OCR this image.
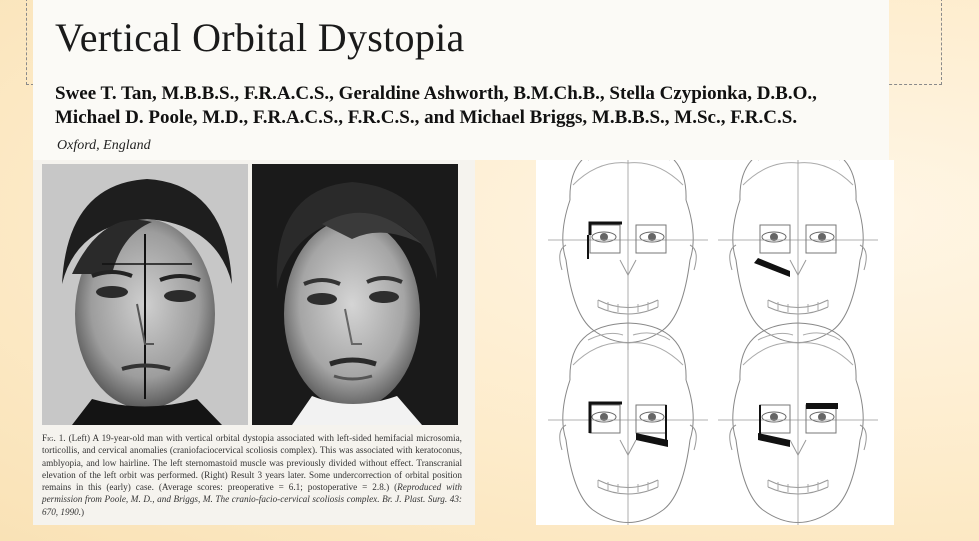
Vertical Orbital Dystopia
Swee T. Tan, M.B.B.S., F.R.A.C.S., Geraldine Ashworth, B.M.Ch.B., Stella Czypionka, D.B.O.,
Michael D. Poole, M.D., F.R.A.C.S., F.R.C.S., and Michael Briggs, M.B.B.S., M.Sc., F.R.C.S.
Oxford, England
Fig. 1. (Left) A 19-year-old man with vertical orbital dystopia associated with left-sided hemifacial microsomia, torticollis, and cervical anomalies (craniofaciocervical scoliosis complex). This was associated with keratoconus, amblyopia, and low hairline. The left sternomastoid muscle was previously divided without effect. Transcranial elevation of the left orbit was performed. (Right) Result 3 years later. Some undercorrection of orbital position remains in this (early) case. (Average scores: preoperative = 6.1; postoperative = 2.8.) (Reproduced with permission from Poole, M. D., and Briggs, M. The cranio-facio-cervical scoliosis complex. Br. J. Plast. Surg. 43: 670, 1990.)
